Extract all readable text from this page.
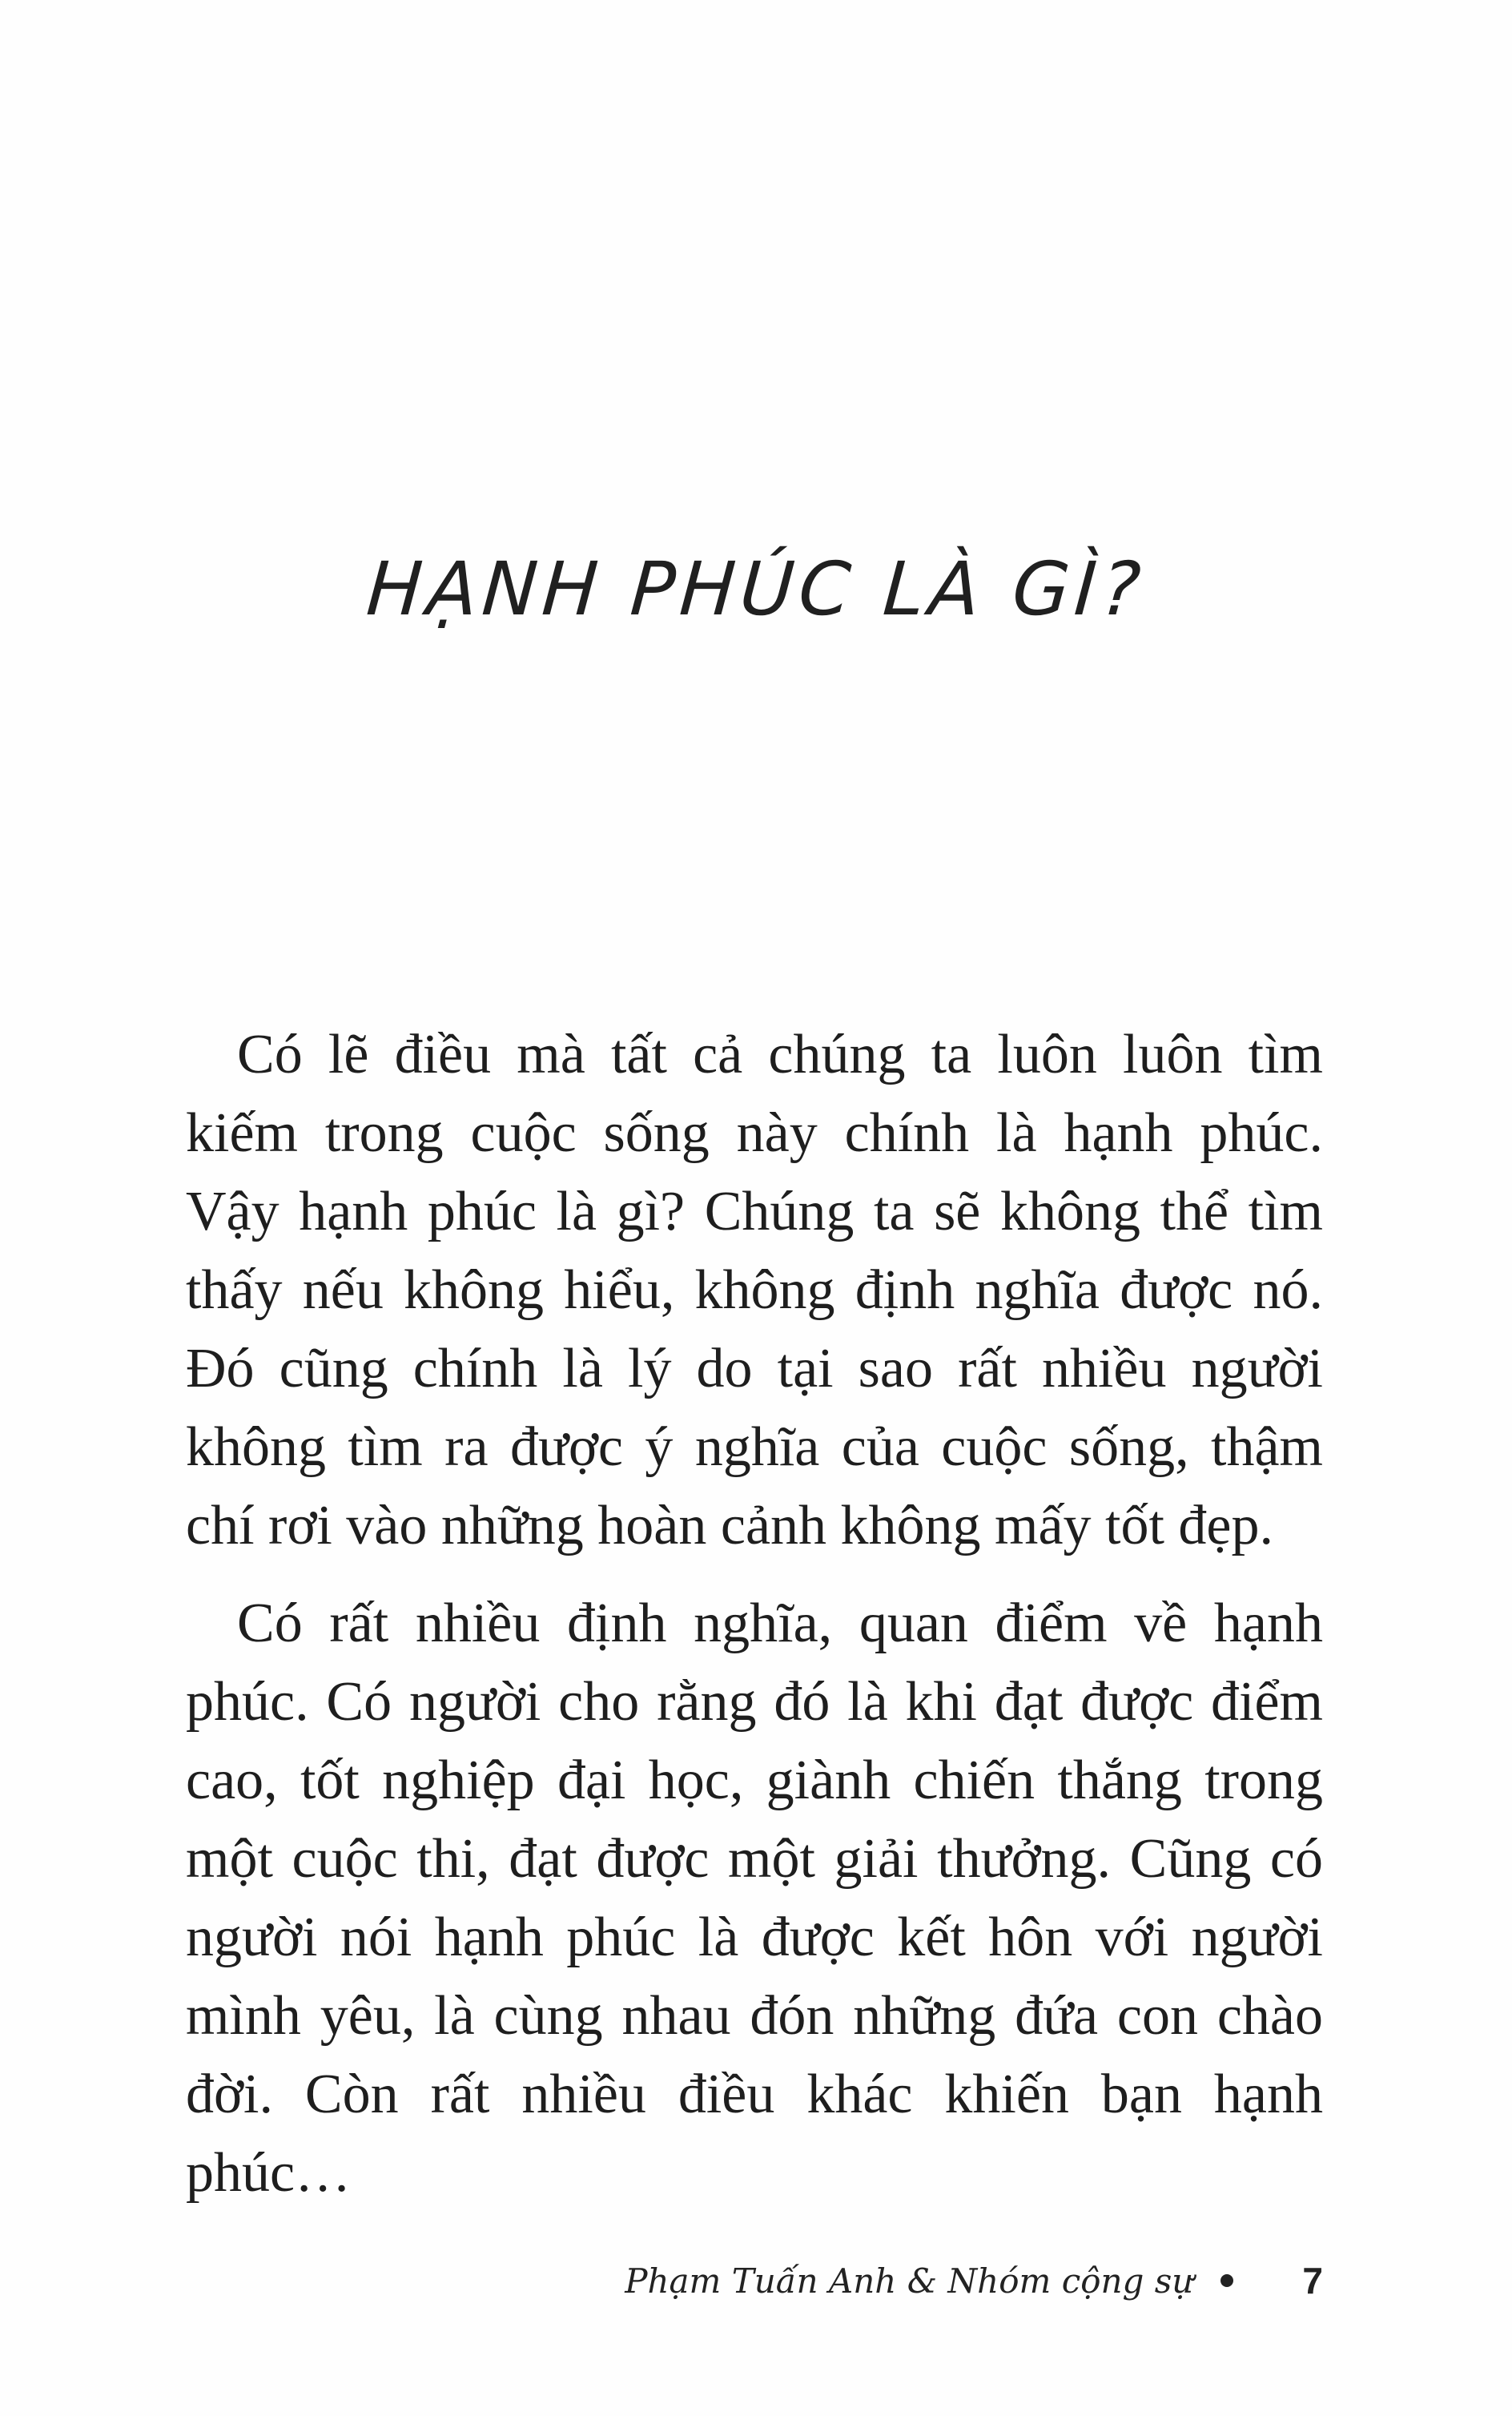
HẠNH PHÚC LÀ GÌ?

Có lẽ điều mà tất cả chúng ta luôn luôn tìm kiếm trong cuộc sống này chính là hạnh phúc. Vậy hạnh phúc là gì? Chúng ta sẽ không thể tìm thấy nếu không hiểu, không định nghĩa được nó. Đó cũng chính là lý do tại sao rất nhiều người không tìm ra được ý nghĩa của cuộc sống, thậm chí rơi vào những hoàn cảnh không mấy tốt đẹp.

Có rất nhiều định nghĩa, quan điểm về hạnh phúc. Có người cho rằng đó là khi đạt được điểm cao, tốt nghiệp đại học, giành chiến thắng trong một cuộc thi, đạt được một giải thưởng. Cũng có người nói hạnh phúc là được kết hôn với người mình yêu, là cùng nhau đón những đứa con chào đời. Còn rất nhiều điều khác khiến bạn hạnh phúc…

Phạm Tuấn Anh & Nhóm cộng sự	7
